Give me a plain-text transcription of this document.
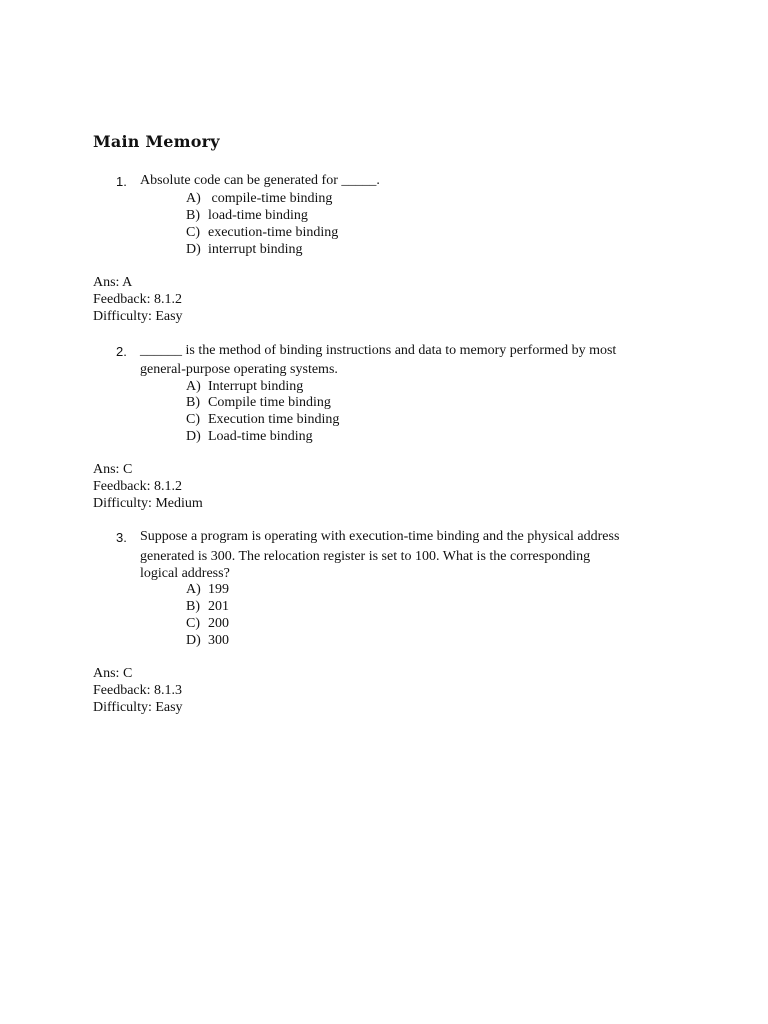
Main Memory
1. Absolute code can be generated for _____.
A) compile-time binding
B) load-time binding
C) execution-time binding
D) interrupt binding
Ans: A
Feedback: 8.1.2
Difficulty: Easy
2. ______ is the method of binding instructions and data to memory performed by most
general-purpose operating systems.
A) Interrupt binding
B) Compile time binding
C) Execution time binding
D) Load-time binding
Ans: C
Feedback: 8.1.2
Difficulty: Medium
3. Suppose a program is operating with execution-time binding and the physical address
generated is 300. The relocation register is set to 100. What is the corresponding
logical address?
A) 199
B) 201
C) 200
D) 300
Ans: C
Feedback: 8.1.3
Difficulty: Easy
